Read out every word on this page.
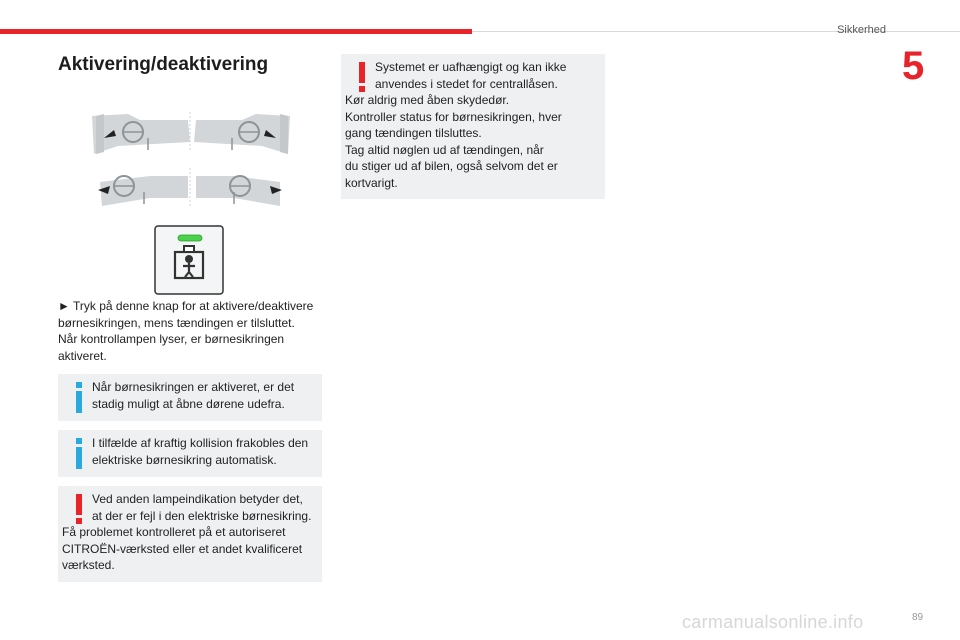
Sikkerhed
5
Aktivering/deaktivering

► Tryk på denne knap for at aktivere/deaktivere

børnesikringen, mens tændingen er tilsluttet.

Når kontrollampen lyser, er børnesikringen

aktiveret.

Når børnesikringen er aktiveret, er det

stadig muligt at åbne dørene udefra.

I tilfælde af kraftig kollision frakobles den

elektriske børnesikring automatisk.

Ved anden lampeindikation betyder det,

at der er fejl i den elektriske børnesikring.

Få problemet kontrolleret på et autoriseret

CITROËN-værksted eller et andet kvalificeret

værksted.

Systemet er uafhængigt og kan ikke

anvendes i stedet for centrallåsen.

Kør aldrig med åben skydedør.

Kontroller status for børnesikringen, hver

gang tændingen tilsluttes.

Tag altid nøglen ud af tændingen, når

du stiger ud af bilen, også selvom det er

kortvarigt.

89
carmanualsonline.info
